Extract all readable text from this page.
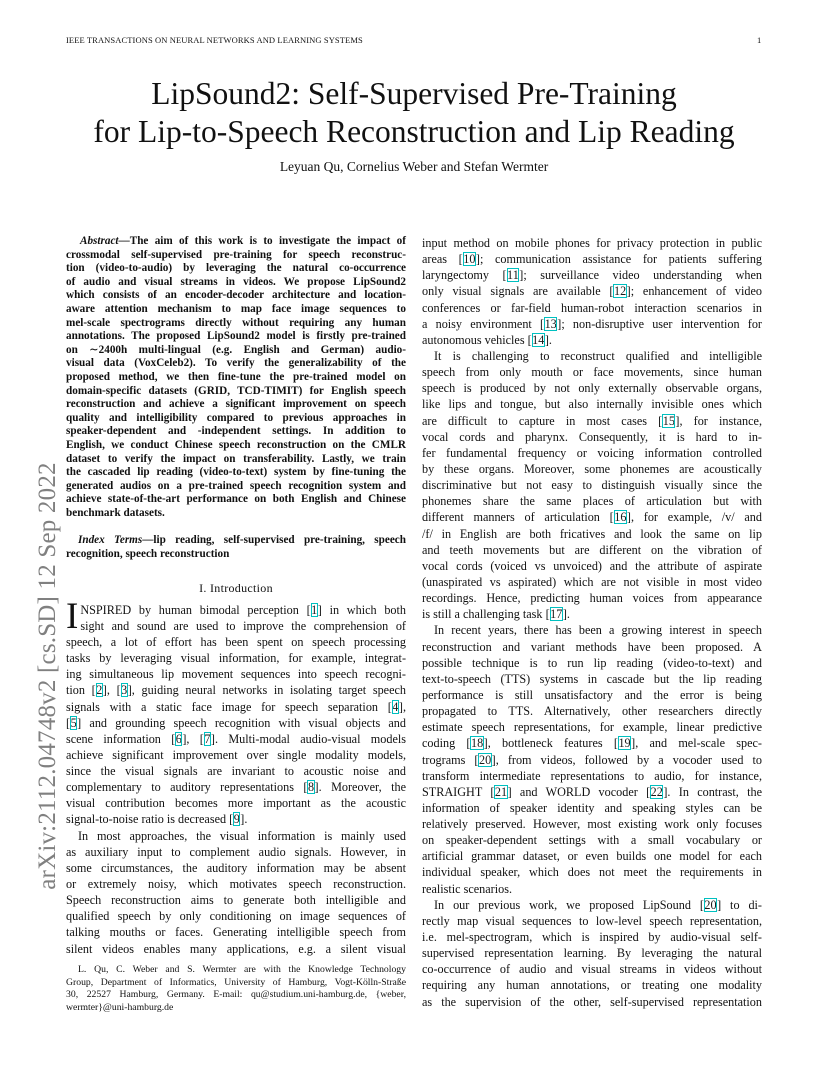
IEEE TRANSACTIONS ON NEURAL NETWORKS AND LEARNING SYSTEMS	1
arXiv:2112.04748v2 [cs.SD] 12 Sep 2022
LipSound2: Self-Supervised Pre-Training
for Lip-to-Speech Reconstruction and Lip Reading
Leyuan Qu, Cornelius Weber and Stefan Wermter
Abstract—The aim of this work is to investigate the impact of
crossmodal self-supervised pre-training for speech reconstruc-
tion (video-to-audio) by leveraging the natural co-occurrence
of audio and visual streams in videos. We propose LipSound2
which consists of an encoder-decoder architecture and location-
aware attention mechanism to map face image sequences to
mel-scale spectrograms directly without requiring any human
annotations. The proposed LipSound2 model is firstly pre-trained
on ∼2400h multi-lingual (e.g. English and German) audio-
visual data (VoxCeleb2). To verify the generalizability of the
proposed method, we then fine-tune the pre-trained model on
domain-specific datasets (GRID, TCD-TIMIT) for English speech
reconstruction and achieve a significant improvement on speech
quality and intelligibility compared to previous approaches in
speaker-dependent and -independent settings. In addition to
English, we conduct Chinese speech reconstruction on the CMLR
dataset to verify the impact on transferability. Lastly, we train
the cascaded lip reading (video-to-text) system by fine-tuning the
generated audios on a pre-trained speech recognition system and
achieve state-of-the-art performance on both English and Chinese
benchmark datasets.
Index Terms—lip reading, self-supervised pre-training, speech
recognition, speech reconstruction
I. Introduction
I NSPIRED by human bimodal perception [1] in which both
sight and sound are used to improve the comprehension of
speech, a lot of effort has been spent on speech processing
tasks by leveraging visual information, for example, integrat-
ing simultaneous lip movement sequences into speech recogni-
tion [2], [3], guiding neural networks in isolating target speech
signals with a static face image for speech separation [4],
[5] and grounding speech recognition with visual objects and
scene information [6], [7]. Multi-modal audio-visual models
achieve significant improvement over single modality models,
since the visual signals are invariant to acoustic noise and
complementary to auditory representations [8]. Moreover, the
visual contribution becomes more important as the acoustic
signal-to-noise ratio is decreased [9].
In most approaches, the visual information is mainly used
as auxiliary input to complement audio signals. However, in
some circumstances, the auditory information may be absent
or extremely noisy, which motivates speech reconstruction.
Speech reconstruction aims to generate both intelligible and
qualified speech by only conditioning on image sequences of
talking mouths or faces. Generating intelligible speech from
silent videos enables many applications, e.g. a silent visual
L. Qu, C. Weber and S. Wermter are with the Knowledge Technology
Group, Department of Informatics, University of Hamburg, Vogt-Kölln-Straße
30, 22527 Hamburg, Germany. E-mail: qu@studium.uni-hamburg.de, {weber,
wermter}@uni-hamburg.de
input method on mobile phones for privacy protection in public
areas [10]; communication assistance for patients suffering
laryngectomy [11]; surveillance video understanding when
only visual signals are available [12]; enhancement of video
conferences or far-field human-robot interaction scenarios in
a noisy environment [13]; non-disruptive user intervention for
autonomous vehicles [14].
It is challenging to reconstruct qualified and intelligible
speech from only mouth or face movements, since human
speech is produced by not only externally observable organs,
like lips and tongue, but also internally invisible ones which
are difficult to capture in most cases [15], for instance,
vocal cords and pharynx. Consequently, it is hard to in-
fer fundamental frequency or voicing information controlled
by these organs. Moreover, some phonemes are acoustically
discriminative but not easy to distinguish visually since the
phonemes share the same places of articulation but with
different manners of articulation [16], for example, /v/ and
/f/ in English are both fricatives and look the same on lip
and teeth movements but are different on the vibration of
vocal cords (voiced vs unvoiced) and the attribute of aspirate
(unaspirated vs aspirated) which are not visible in most video
recordings. Hence, predicting human voices from appearance
is still a challenging task [17].
In recent years, there has been a growing interest in speech
reconstruction and variant methods have been proposed. A
possible technique is to run lip reading (video-to-text) and
text-to-speech (TTS) systems in cascade but the lip reading
performance is still unsatisfactory and the error is being
propagated to TTS. Alternatively, other researchers directly
estimate speech representations, for example, linear predictive
coding [18], bottleneck features [19], and mel-scale spec-
trograms [20], from videos, followed by a vocoder used to
transform intermediate representations to audio, for instance,
STRAIGHT [21] and WORLD vocoder [22]. In contrast, the
information of speaker identity and speaking styles can be
relatively preserved. However, most existing work only focuses
on speaker-dependent settings with a small vocabulary or
artificial grammar dataset, or even builds one model for each
individual speaker, which does not meet the requirements in
realistic scenarios.
In our previous work, we proposed LipSound [20] to di-
rectly map visual sequences to low-level speech representation,
i.e. mel-spectrogram, which is inspired by audio-visual self-
supervised representation learning. By leveraging the natural
co-occurrence of audio and visual streams in videos without
requiring any human annotations, or treating one modality
as the supervision of the other, self-supervised representation
